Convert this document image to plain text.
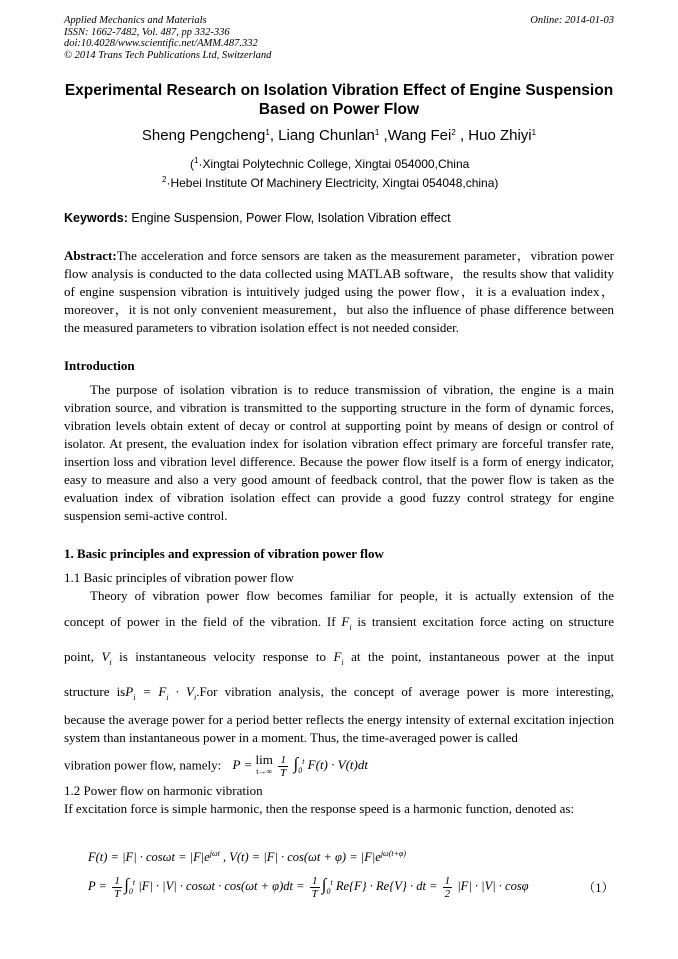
Applied Mechanics and Materials
ISSN: 1662-7482, Vol. 487, pp 332-336
doi:10.4028/www.scientific.net/AMM.487.332
© 2014 Trans Tech Publications Ltd, Switzerland
Online: 2014-01-03
Experimental Research on Isolation Vibration Effect of Engine Suspension Based on Power Flow
Sheng Pengcheng$^1$, Liang Chunlan$^1$ ,Wang Fei$^2$ , Huo Zhiyi$^1$
($^1$·Xingtai Polytechnic College, Xingtai 054000,China
$^2$·Hebei Institute Of Machinery Electricity, Xingtai 054048,china)
Keywords: Engine Suspension, Power Flow, Isolation Vibration effect

Abstract:The acceleration and force sensors are taken as the measurement parameter，vibration power flow analysis is conducted to the data collected using MATLAB software，the results show that validity of engine suspension vibration is intuitively judged using the power flow，it is a evaluation index，moreover，it is not only convenient measurement，but also the influence of phase difference between the measured parameters to vibration isolation effect is not needed consider.

Introduction

The purpose of isolation vibration is to reduce transmission of vibration, the engine is a main vibration source, and vibration is transmitted to the supporting structure in the form of dynamic forces, vibration levels obtain extent of decay or control at supporting point by means of design or control of isolator. At present, the evaluation index for isolation vibration effect primary are forceful transfer rate, insertion loss and vibration level difference. Because the power flow itself is a form of energy indicator, easy to measure and also a very good amount of feedback control, that the power flow is taken as the evaluation index of vibration isolation effect can provide a good fuzzy control strategy for engine suspension semi-active control.

1. Basic principles and expression of vibration power flow
1.1 Basic principles of vibration power flow
Theory of vibration power flow becomes familiar for people, it is actually extension of the
concept of power in the field of the vibration. If $F_i$ is transient excitation force acting on structure
point, $V_i$ is instantaneous velocity response to $F_i$ at the point, instantaneous power at the input
structure $isP_i = F_i \cdot V_i.For$ vibration analysis, the concept of average power is more interesting,

because the average power for a period better reflects the energy intensity of external excitation injection system than instantaneous power in a moment. Thus, the time-averaged power is called

vibration power flow, namely: P = lim
$t\to\infty \frac{1}{T} \int_0^t$ F(t) · V(t)dt
1.2 Power flow on harmonic vibration
If excitation force is simple harmonic, then the response speed is a harmonic function, denoted as:
$F(t) = |F| \cdot \cos\omega t = |F|e^{j\omega t}$ , $V(t) = |F| \cdot \cos(\omega t + \varphi) = |F|e^{j\omega(t+\varphi)}$
$P = \frac{1}{T} \int_0^t$ $|F| \cdot |V| \cdot \cos\omega t \cdot \cos(\omega t + \varphi)dt = \frac{1}{T} \int_0^t$ Re{F} · Re{V} · dt = $\frac{1}{2} |F| \cdot |V| \cdot \cos\varphi$	（1）
